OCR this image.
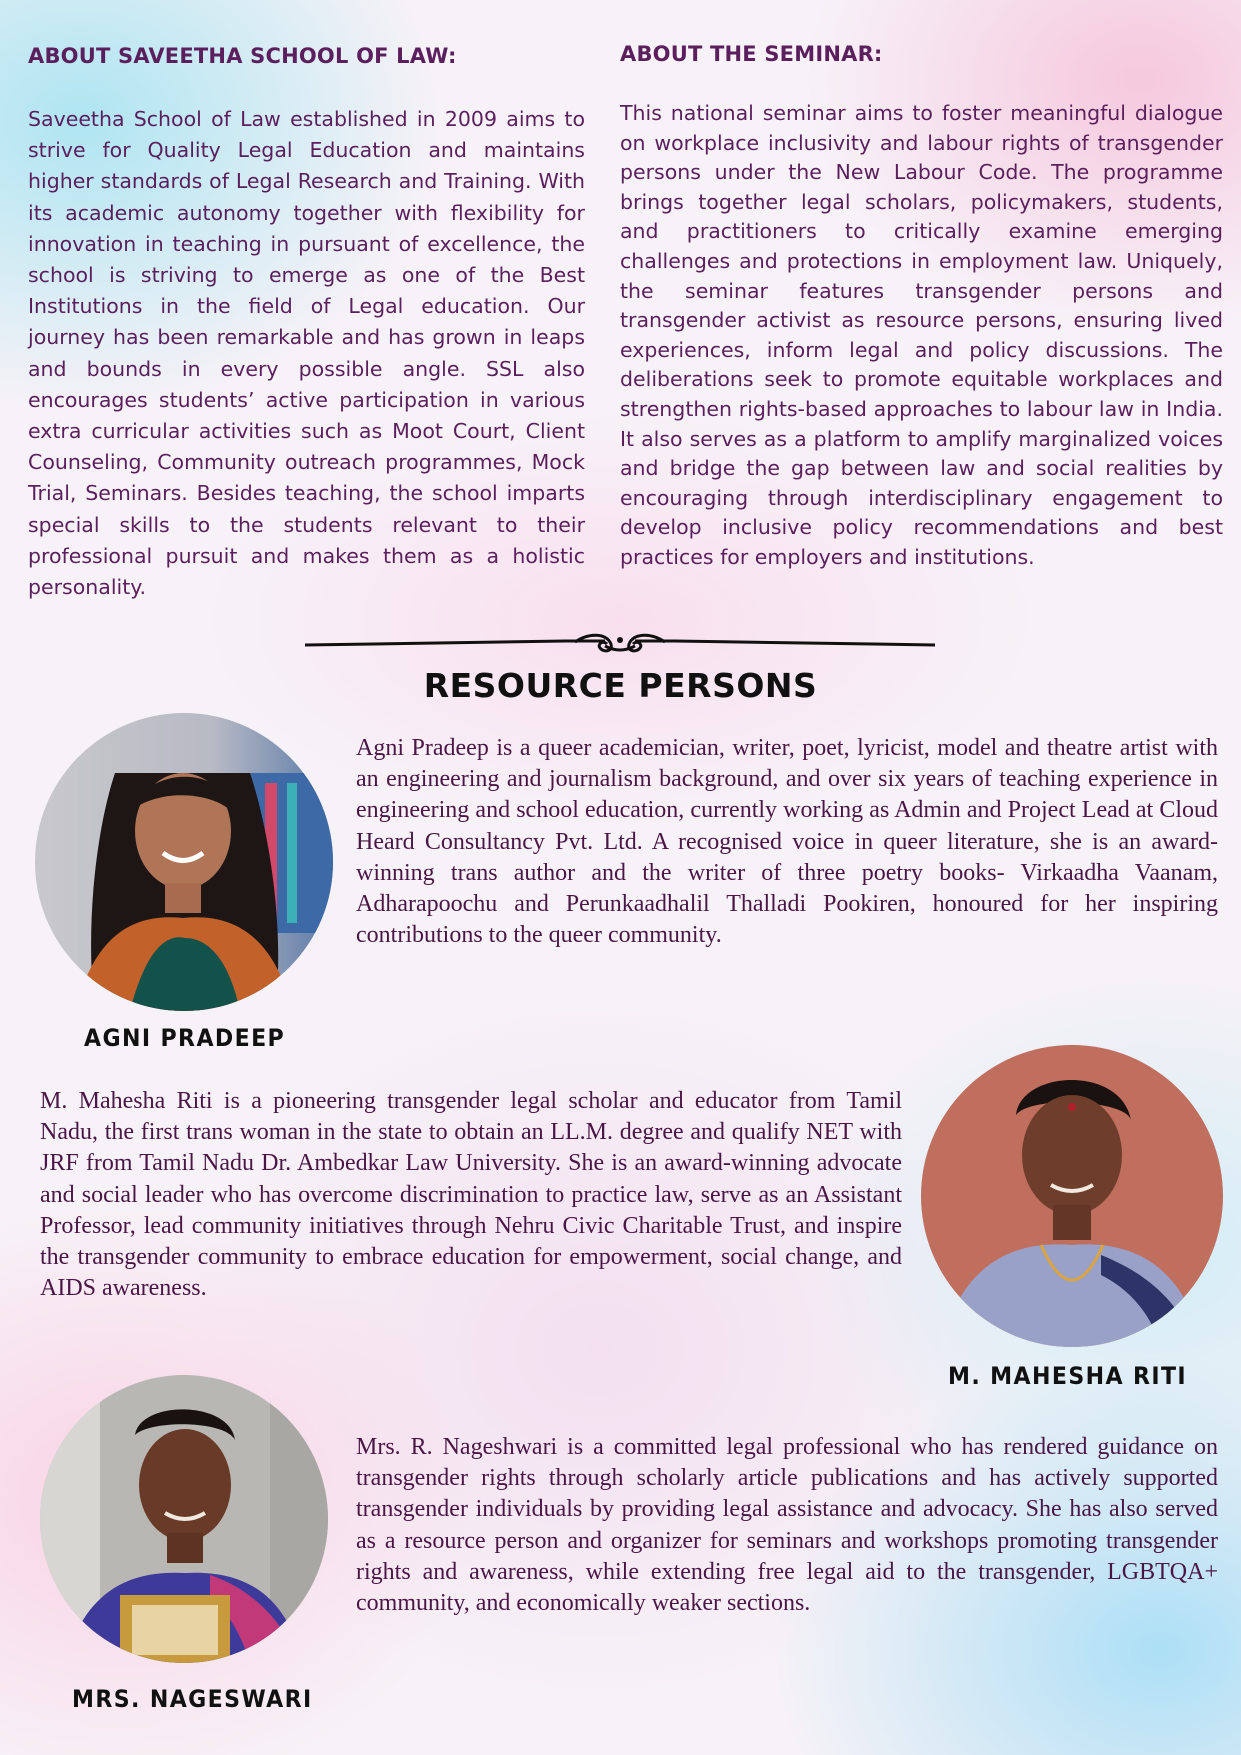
ABOUT SAVEETHA SCHOOL OF LAW:

Saveetha School of Law established in 2009 aims to strive for Quality Legal Education and maintains higher standards of Legal Research and Training. With its academic autonomy together with flexibility for innovation in teaching in pursuant of excellence, the school is striving to emerge as one of the Best Institutions in the field of Legal education. Our journey has been remarkable and has grown in leaps and bounds in every possible angle. SSL also encourages students’ active participation in various extra curricular activities such as Moot Court, Client Counseling, Community outreach programmes, Mock Trial, Seminars. Besides teaching, the school imparts special skills to the students relevant to their professional pursuit and makes them as a holistic personality.

ABOUT THE SEMINAR:

This national seminar aims to foster meaningful dialogue on workplace inclusivity and labour rights of transgender persons under the New Labour Code. The programme brings together legal scholars, policymakers, students, and practitioners to critically examine emerging challenges and protections in employment law. Uniquely, the seminar features transgender persons and transgender activist as resource persons, ensuring lived experiences, inform legal and policy discussions. The deliberations seek to promote equitable workplaces and strengthen rights-based approaches to labour law in India. It also serves as a platform to amplify marginalized voices and bridge the gap between law and social realities by encouraging through interdisciplinary engagement to develop inclusive policy recommendations and best practices for employers and institutions.

RESOURCE PERSONS

Agni Pradeep is a queer academician, writer, poet, lyricist, model and theatre artist with an engineering and journalism background, and over six years of teaching experience in engineering and school education, currently working as Admin and Project Lead at Cloud Heard Consultancy Pvt. Ltd. A recognised voice in queer literature, she is an award-winning trans author and the writer of three poetry books- Virkaadha Vaanam, Adharapoochu and Perunkaadhalil Thalladi Pookiren, honoured for her inspiring contributions to the queer community.

AGNI PRADEEP

M. Mahesha Riti is a pioneering transgender legal scholar and educator from Tamil Nadu, the first trans woman in the state to obtain an LL.M. degree and qualify NET with JRF from Tamil Nadu Dr. Ambedkar Law University. She is an award-winning advocate and social leader who has overcome discrimination to practice law, serve as an Assistant Professor, lead community initiatives through Nehru Civic Charitable Trust, and inspire the transgender community to embrace education for empowerment, social change, and AIDS awareness.

M. MAHESHA RITI

Mrs. R. Nageshwari is a committed legal professional who has rendered guidance on transgender rights through scholarly article publications and has actively supported transgender individuals by providing legal assistance and advocacy. She has also served as a resource person and organizer for seminars and workshops promoting transgender rights and awareness, while extending free legal aid to the transgender, LGBTQA+ community, and economically weaker sections.

MRS. NAGESWARI
